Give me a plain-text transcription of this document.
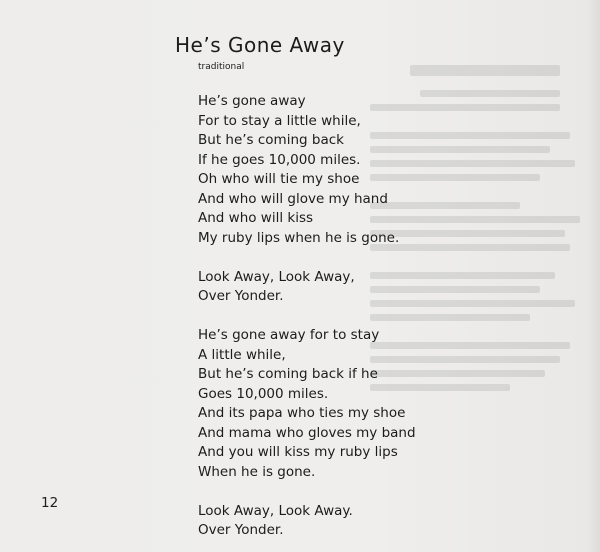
He’s Gone Away

traditional

He’s gone away
For to stay a little while,
But he’s coming back
If he goes 10,000 miles.
Oh who will tie my shoe
And who will glove my hand
And who will kiss
My ruby lips when he is gone.
Look Away, Look Away,
Over Yonder.
He’s gone away for to stay
A little while,
But he’s coming back if he
Goes 10,000 miles.
And its papa who ties my shoe
And mama who gloves my band
And you will kiss my ruby lips
When he is gone.
Look Away, Look Away.
Over Yonder.

12
